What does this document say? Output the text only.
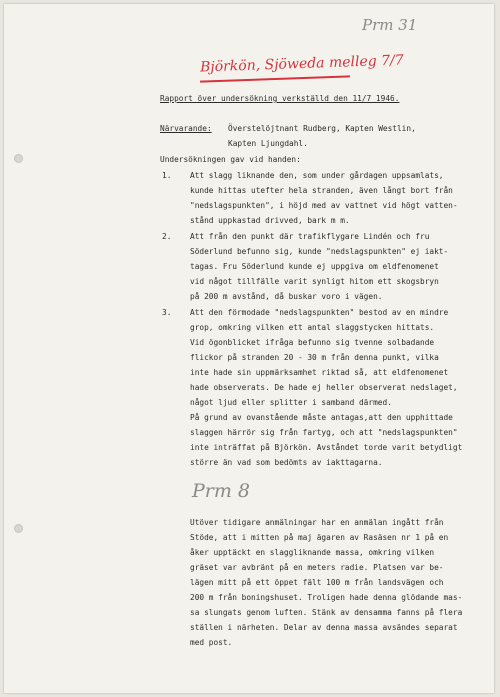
Prm 31
Björkön, Sjöweda melleg 7/7
Rapport över undersökning verkställd den 11/7 1946.
Närvarande: Överstelöjtnant Rudberg, Kapten Westlin,
Kapten Ljungdahl.
Undersökningen gav vid handen:
1. Att slagg liknande den, som under gårdagen uppsamlats,
kunde hittas utefter hela stranden, även långt bort från
"nedslagspunkten", i höjd med av vattnet vid högt vatten-
stånd uppkastad drivved, bark m m.
2. Att från den punkt där trafikflygare Lindén och fru
Söderlund befunno sig, kunde "nedslagspunkten" ej iakt-
tagas. Fru Söderlund kunde ej uppgiva om eldfenomenet
vid något tillfälle varit synligt hitom ett skogsbryn
på 200 m avstånd, då buskar voro i vägen.
3. Att den förmodade "nedslagspunkten" bestod av en mindre
grop, omkring vilken ett antal slaggstycken hittats.
Vid ögonblicket ifråga befunno sig tvenne solbadande
flickor på stranden 20 - 30 m från denna punkt, vilka
inte hade sin uppmärksamhet riktad så, att eldfenomenet
hade observerats. De hade ej heller observerat nedslaget,
något ljud eller splitter i samband därmed.
På grund av ovanstående måste antagas,att den upphittade
slaggen härrör sig från fartyg, och att "nedslagspunkten"
inte inträffat på Björkön. Avståndet torde varit betydligt
större än vad som bedömts av iakttagarna.
Prm 8
Utöver tidigare anmälningar har en anmälan ingått från
Stöde, att i mitten på maj ägaren av Rasäsen nr 1 på en
åker upptäckt en slaggliknande massa, omkring vilken
gräset var avbränt på en meters radie. Platsen var be-
lägen mitt på ett öppet fält 100 m från landsvägen och
200 m från boningshuset. Troligen hade denna glödande mas-
sa slungats genom luften. Stänk av densamma fanns på flera
ställen i närheten. Delar av denna massa avsändes separat
med post.
